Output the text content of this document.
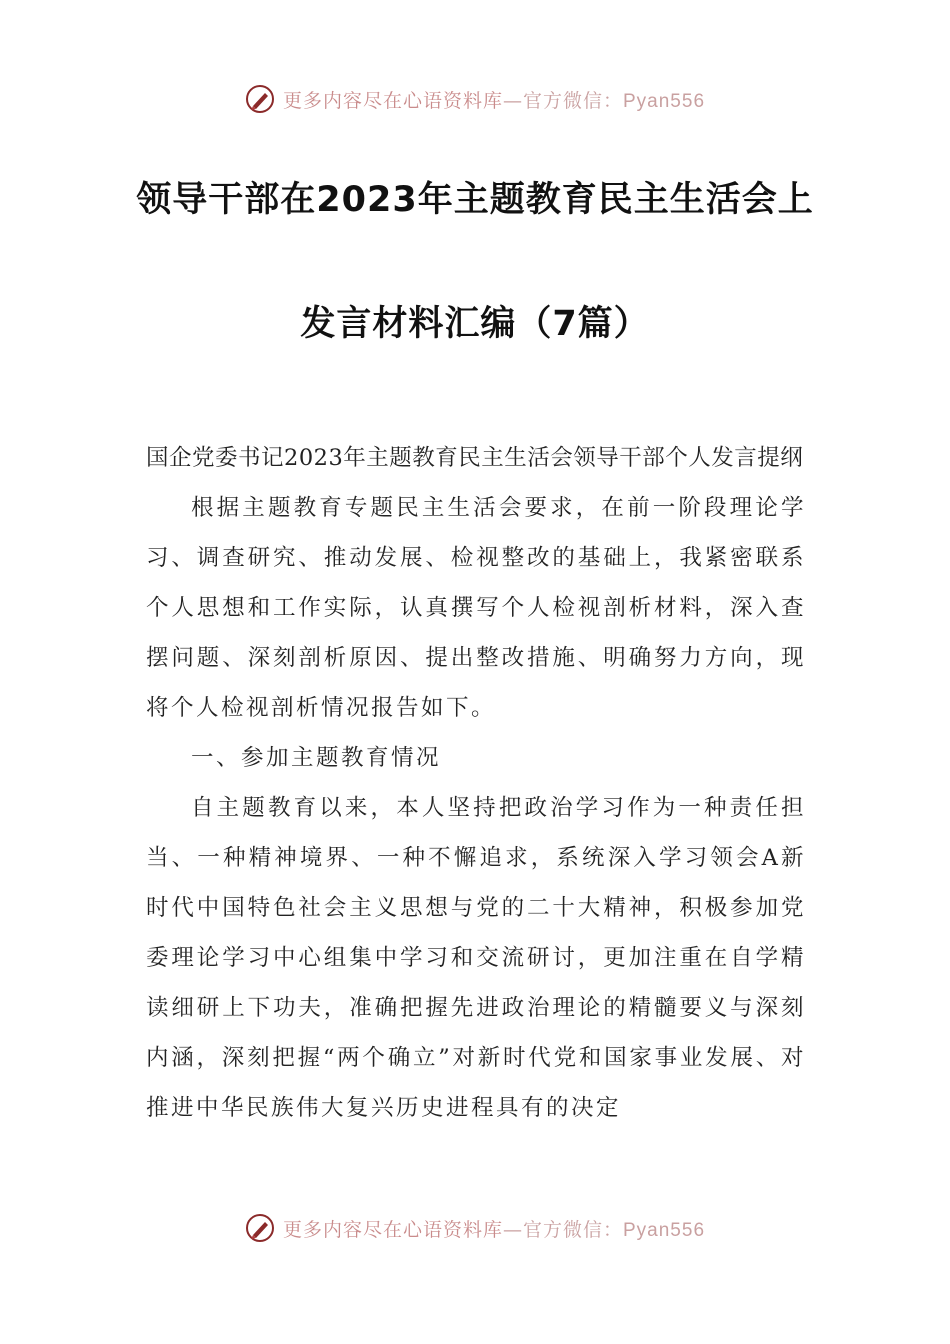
更多内容尽在心语资料库—官方微信：Pyan556
领导干部在2023年主题教育民主生活会上
发言材料汇编（7篇）

国企党委书记2023年主题教育民主生活会领导干部个人发言提纲

根据主题教育专题民主生活会要求，在前一阶段理论学习、调查研究、推动发展、检视整改的基础上，我紧密联系个人思想和工作实际，认真撰写个人检视剖析材料，深入查摆问题、深刻剖析原因、提出整改措施、明确努力方向，现将个人检视剖析情况报告如下。

一、参加主题教育情况

自主题教育以来，本人坚持把政治学习作为一种责任担当、一种精神境界、一种不懈追求，系统深入学习领会A新时代中国特色社会主义思想与党的二十大精神，积极参加党委理论学习中心组集中学习和交流研讨，更加注重在自学精读细研上下功夫，准确把握先进政治理论的精髓要义与深刻内涵，深刻把握“两个确立”对新时代党和国家事业发展、对推进中华民族伟大复兴历史进程具有的决定

更多内容尽在心语资料库—官方微信：Pyan556
